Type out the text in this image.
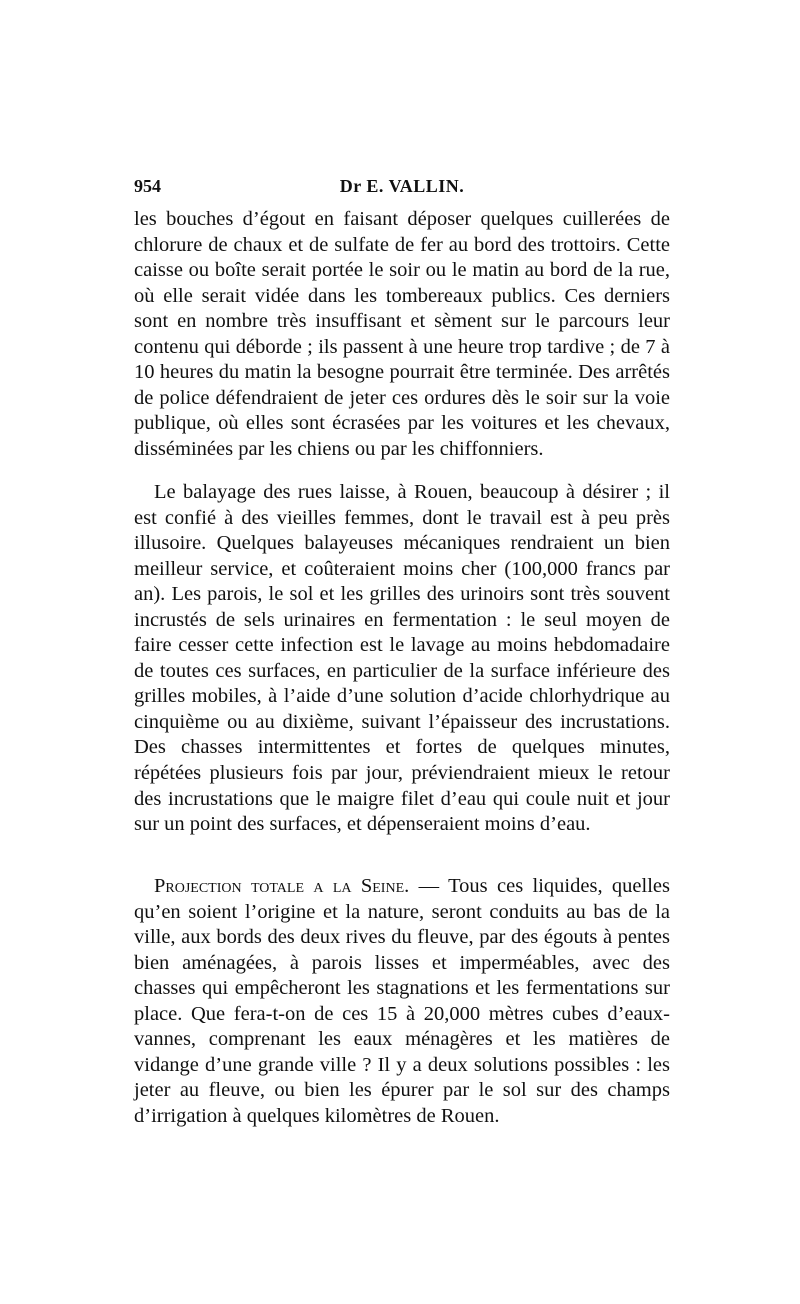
954	Dr E. VALLIN.

les bouches d’égout en faisant déposer quelques cuillerées de chlorure de chaux et de sulfate de fer au bord des trottoirs. Cette caisse ou boîte serait portée le soir ou le matin au bord de la rue, où elle serait vidée dans les tombereaux publics. Ces derniers sont en nombre très insuffisant et sèment sur le parcours leur contenu qui déborde ; ils passent à une heure trop tardive ; de 7 à 10 heures du matin la besogne pourrait être terminée. Des arrêtés de police défendraient de jeter ces ordures dès le soir sur la voie publique, où elles sont écrasées par les voitures et les chevaux, disséminées par les chiens ou par les chiffonniers.

Le balayage des rues laisse, à Rouen, beaucoup à désirer ; il est confié à des vieilles femmes, dont le travail est à peu près illusoire. Quelques balayeuses mécaniques rendraient un bien meilleur service, et coûteraient moins cher (100,000 francs par an). Les parois, le sol et les grilles des urinoirs sont très souvent incrustés de sels urinaires en fermentation : le seul moyen de faire cesser cette infection est le lavage au moins hebdomadaire de toutes ces surfaces, en particulier de la surface inférieure des grilles mobiles, à l’aide d’une solution d’acide chlorhydrique au cinquième ou au dixième, suivant l’épaisseur des incrustations. Des chasses intermittentes et fortes de quelques minutes, répétées plusieurs fois par jour, préviendraient mieux le retour des incrustations que le maigre filet d’eau qui coule nuit et jour sur un point des surfaces, et dépenseraient moins d’eau.

Projection totale a la Seine. — Tous ces liquides, quelles qu’en soient l’origine et la nature, seront conduits au bas de la ville, aux bords des deux rives du fleuve, par des égouts à pentes bien aménagées, à parois lisses et imperméables, avec des chasses qui empêcheront les stagnations et les fermentations sur place. Que fera-t-on de ces 15 à 20,000 mètres cubes d’eaux-vannes, comprenant les eaux ménagères et les matières de vidange d’une grande ville ? Il y a deux solutions possibles : les jeter au fleuve, ou bien les épurer par le sol sur des champs d’irrigation à quelques kilomètres de Rouen.
